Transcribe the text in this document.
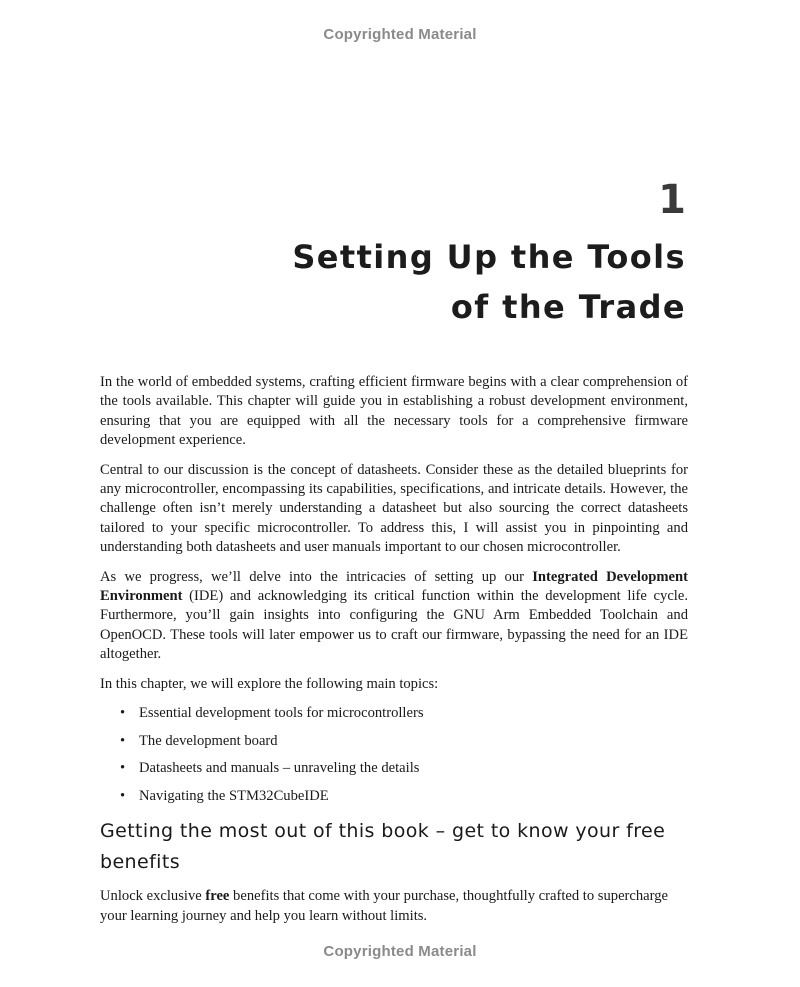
Copyrighted Material
1
Setting Up the Tools
of the Trade

In the world of embedded systems, crafting efficient firmware begins with a clear comprehension of the tools available. This chapter will guide you in establishing a robust development environment, ensuring that you are equipped with all the necessary tools for a comprehensive firmware development experience.

Central to our discussion is the concept of datasheets. Consider these as the detailed blueprints for any microcontroller, encompassing its capabilities, specifications, and intricate details. However, the challenge often isn’t merely understanding a datasheet but also sourcing the correct datasheets tailored to your specific microcontroller. To address this, I will assist you in pinpointing and understanding both datasheets and user manuals important to our chosen microcontroller.

As we progress, we’ll delve into the intricacies of setting up our Integrated Development Environment (IDE) and acknowledging its critical function within the development life cycle. Furthermore, you’ll gain insights into configuring the GNU Arm Embedded Toolchain and OpenOCD. These tools will later empower us to craft our firmware, bypassing the need for an IDE altogether.

In this chapter, we will explore the following main topics:

• Essential development tools for microcontrollers
• The development board
• Datasheets and manuals – unraveling the details
• Navigating the STM32CubeIDE
Getting the most out of this book – get to know your free benefits

Unlock exclusive free benefits that come with your purchase, thoughtfully crafted to supercharge your learning journey and help you learn without limits.

Copyrighted Material
